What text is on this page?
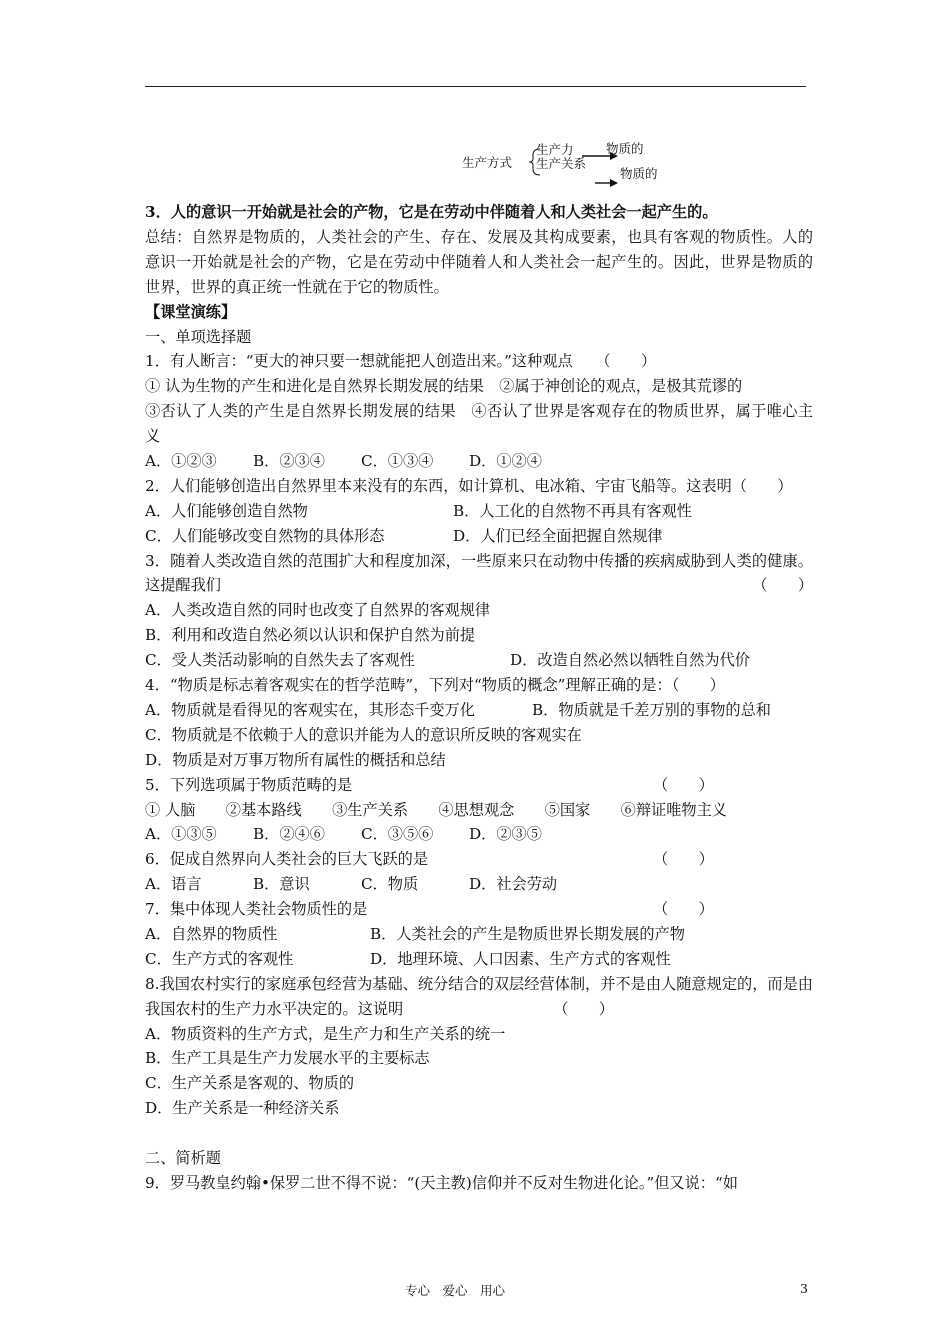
生产方式
生产力
生产关系
物质的
物质的
3．人的意识一开始就是社会的产物，它是在劳动中伴随着人和人类社会一起产生的。
总结：自然界是物质的，人类社会的产生、存在、发展及其构成要素，也具有客观的物质性。人的意识一开始就是社会的产物，它是在劳动中伴随着人和人类社会一起产生的。因此，世界是物质的世界，世界的真正统一性就在于它的物质性。
【课堂演练】
一、单项选择题
1．有人断言：“更大的神只要一想就能把人创造出来。”这种观点　　（　　）
① 认为生物的产生和进化是自然界长期发展的结果　②属于神创论的观点，是极其荒谬的
③否认了人类的产生是自然界长期发展的结果　④否认了世界是客观存在的物质世界，属于唯心主义
A．①②③	B．②③④	C．①③④	D．①②④
2．人们能够创造出自然界里本来没有的东西，如计算机、电冰箱、宇宙飞船等。这表明（　　）
A．人们能够创造自然物	B．人工化的自然物不再具有客观性
C．人们能够改变自然物的具体形态	D．人们已经全面把握自然规律
3．随着人类改造自然的范围扩大和程度加深，一些原来只在动物中传播的疾病威胁到人类的健康。这提醒我们	（　　）
A．人类改造自然的同时也改变了自然界的客观规律
B．利用和改造自然必须以认识和保护自然为前提
C．受人类活动影响的自然失去了客观性	D．改造自然必然以牺牲自然为代价
4．“物质是标志着客观实在的哲学范畴”，下列对“物质的概念”理解正确的是：（　　）
A．物质就是看得见的客观实在，其形态千变万化	B．物质就是千差万别的事物的总和
C．物质就是不依赖于人的意识并能为人的意识所反映的客观实在
D．物质是对万事万物所有属性的概括和总结
5．下列选项属于物质范畴的是	（　　）
① 人脑　　②基本路线　　③生产关系　　④思想观念　　⑤国家　　⑥辩证唯物主义
A．①③⑤	B．②④⑥	C．③⑤⑥	D．②③⑤
6．促成自然界向人类社会的巨大飞跃的是	（　　）
A．语言	B．意识	C．物质	D．社会劳动
7．集中体现人类社会物质性的是	（　　）
A．自然界的物质性	B．人类社会的产生是物质世界长期发展的产物
C．生产方式的客观性	D．地理环境、人口因素、生产方式的客观性
8.我国农村实行的家庭承包经营为基础、统分结合的双层经营体制，并不是由人随意规定的，而是由我国农村的生产力水平决定的。这说明	（　　）
A．物质资料的生产方式，是生产力和生产关系的统一
B．生产工具是生产力发展水平的主要标志
C．生产关系是客观的、物质的
D．生产关系是一种经济关系
二、简析题
9．罗马教皇约翰•保罗二世不得不说：“(天主教)信仰并不反对生物进化论。”但又说：“如
专心　爱心　用心	3
